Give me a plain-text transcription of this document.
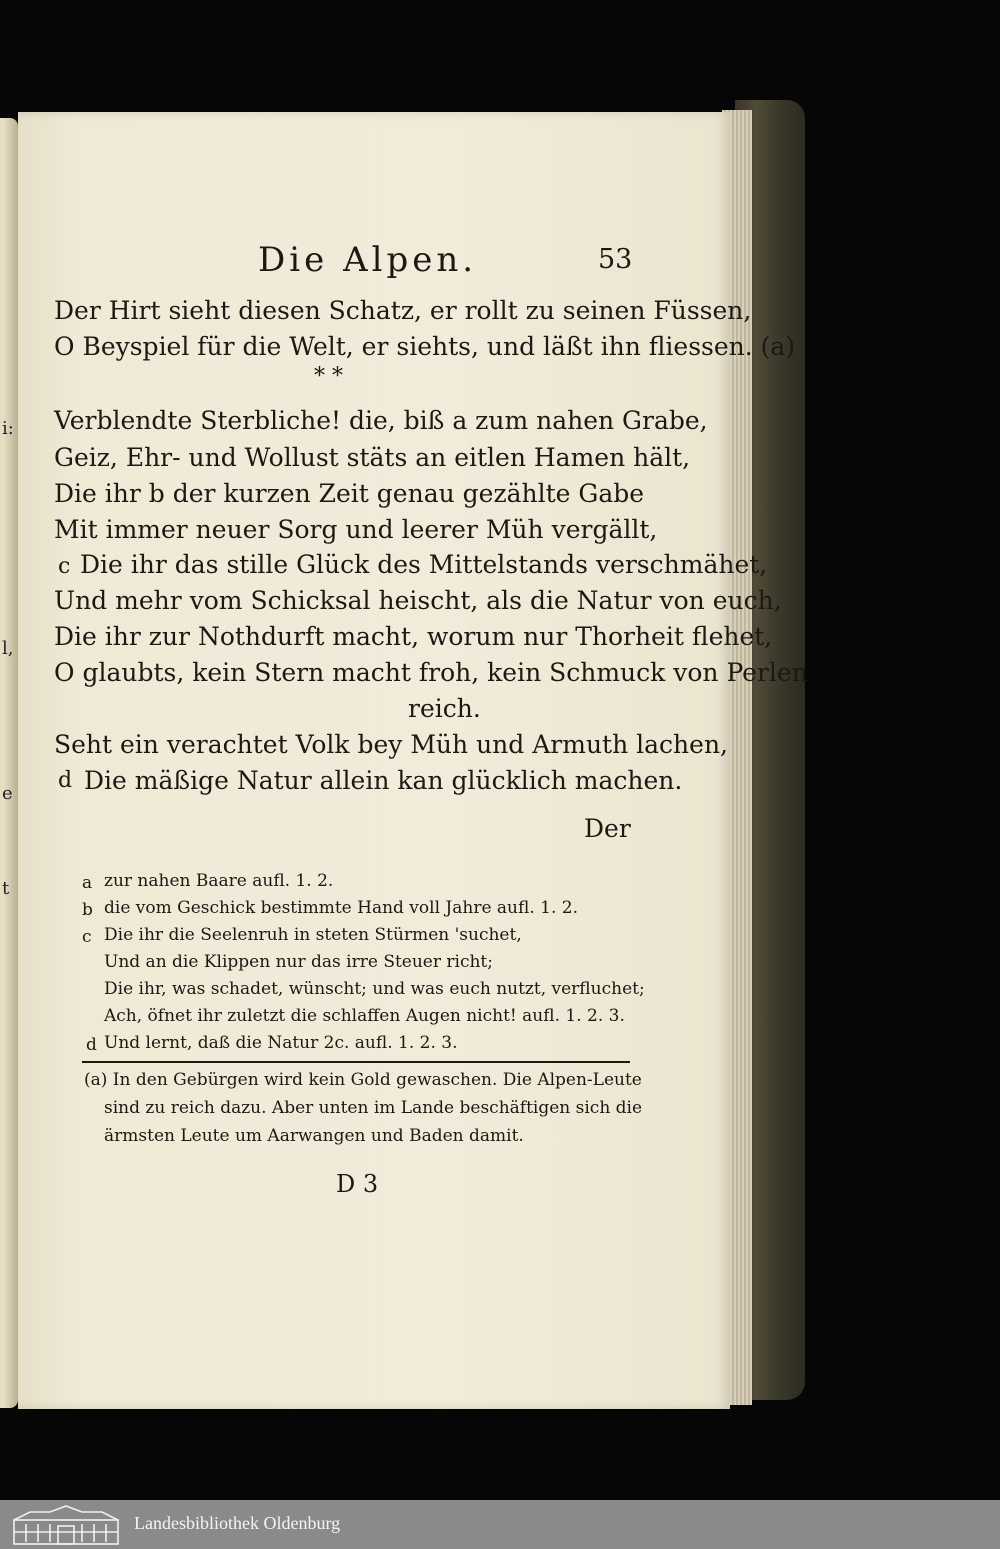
i:
l,
e
t
Die Alpen.	53
Der Hirt sieht diesen Schatz, er rollt zu seinen Füssen,
O Beyspiel für die Welt, er siehts, und läßt ihn fliessen. (a)
* *
Verblendte Sterbliche! die, biß a zum nahen Grabe,
Geiz, Ehr- und Wollust stäts an eitlen Hamen hält,
Die ihr b der kurzen Zeit genau gezählte Gabe
Mit immer neuer Sorg und leerer Müh vergällt,
c Die ihr das stille Glück des Mittelstands verschmähet,
Und mehr vom Schicksal heischt, als die Natur von euch,
Die ihr zur Nothdurft macht, worum nur Thorheit flehet,
O glaubts, kein Stern macht froh, kein Schmuck von Perlen
reich.
Seht ein verachtet Volk bey Müh und Armuth lachen,
d Die mäßige Natur allein kan glücklich machen.
Der
a zur nahen Baare aufl. 1. 2.
b die vom Geschick bestimmte Hand voll Jahre aufl. 1. 2.
c Die ihr die Seelenruh in steten Stürmen 'suchet,
Und an die Klippen nur das irre Steuer richt;
Die ihr, was schadet, wünscht; und was euch nutzt, verfluchet;
Ach, öfnet ihr zuletzt die schlaffen Augen nicht! aufl. 1. 2. 3.
d Und lernt, daß die Natur 2c. aufl. 1. 2. 3.
(a) In den Gebürgen wird kein Gold gewaschen. Die Alpen-Leute
sind zu reich dazu. Aber unten im Lande beschäftigen sich die
ärmsten Leute um Aarwangen und Baden damit.
D 3
Landesbibliothek Oldenburg
